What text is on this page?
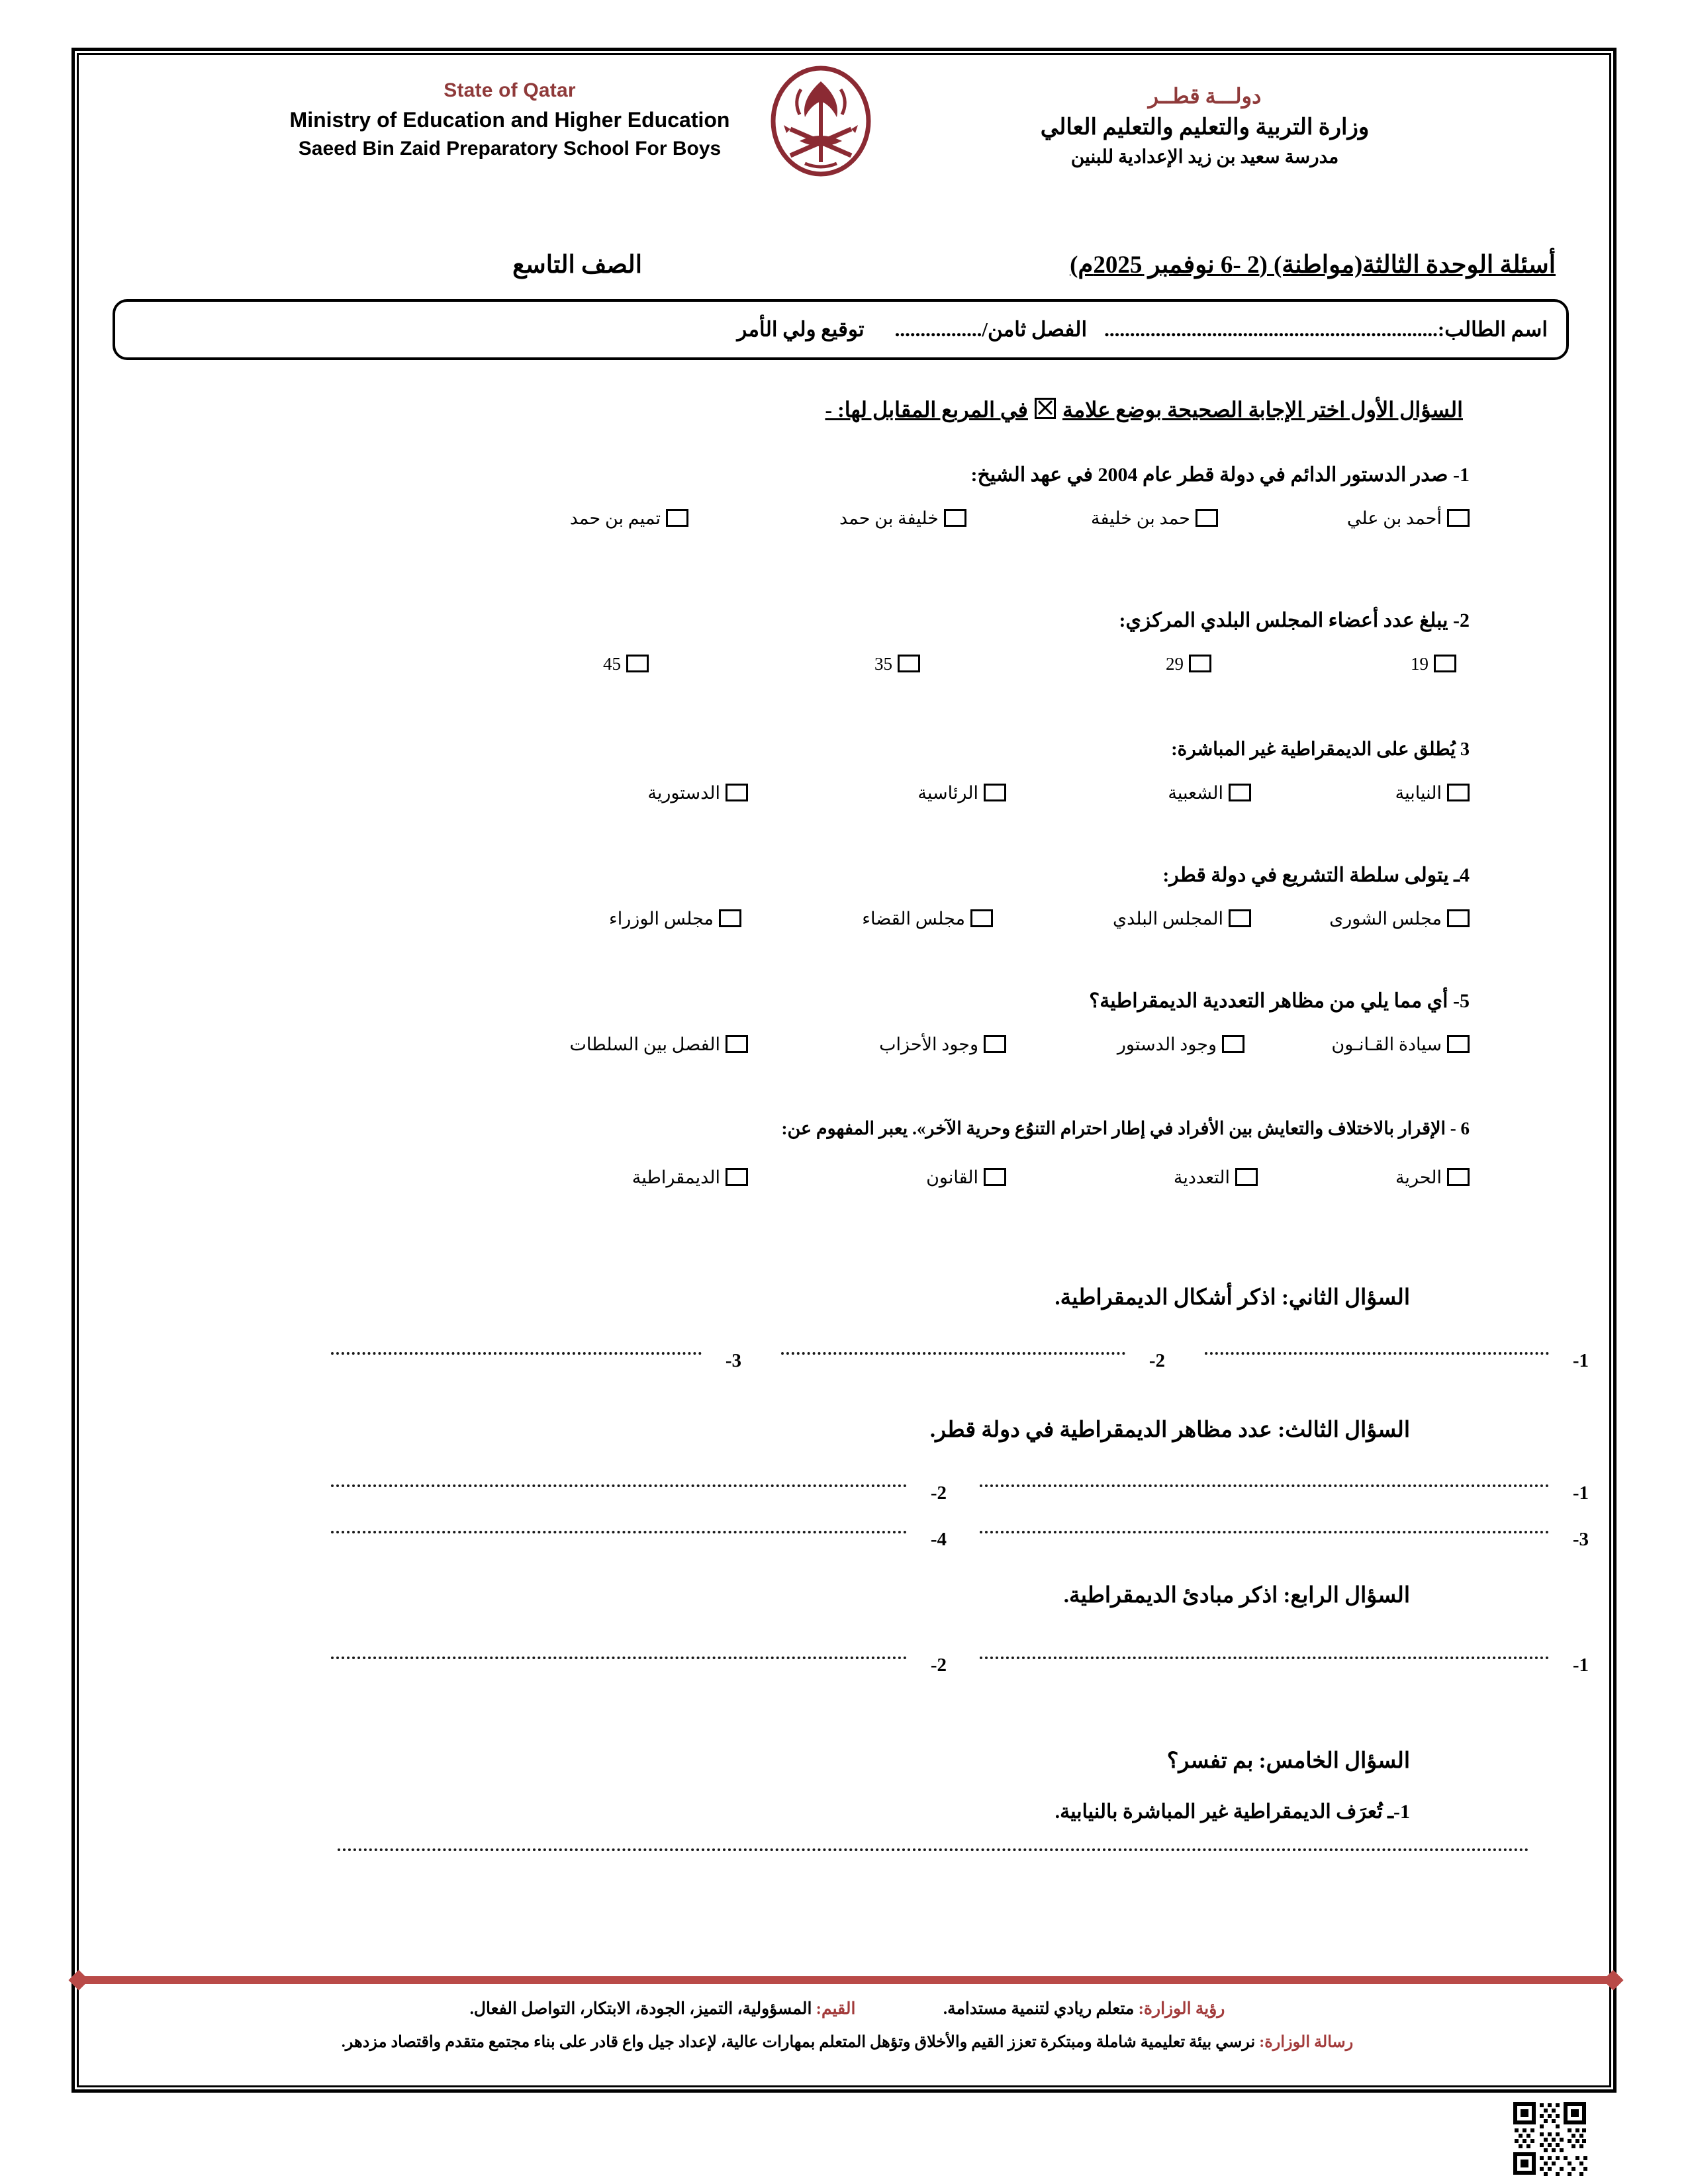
State of Qatar
Ministry of Education and Higher Education
Saeed Bin Zaid Preparatory School For Boys
دولـــة قطــر
وزارة التربية والتعليم والتعليم العالي
مدرسة سعيد بن زيد الإعدادية للبنين
أسئلة الوحدة الثالثة(مواطنة) (2 -6 نوفمبر 2025م)
الصف التاسع
اسم الطالب:.................................................................الفصل ثامن/.................توقيع ولي الأمر
السؤال الأول اختر الإجابة الصحيحة بوضع علامةفي المربع المقابل لها: -
1- صدر الدستور الدائم في دولة قطر عام 2004 في عهد الشيخ:
أحمد بن علي
حمد بن خليفة
خليفة بن حمد
تميم بن حمد
2- يبلغ عدد أعضاء المجلس البلدي المركزي:
19
29
35
45
3 يُطلق على الديمقراطية غير المباشرة:
النيابية
الشعبية
الرئاسية
الدستورية
4ـ يتولى سلطة التشريع في دولة قطر:
مجلس الشورى
المجلس البلدي
مجلس القضاء
مجلس الوزراء
5- أي مما يلي من مظاهر التعددية الديمقراطية؟
سيادة القـانـون
وجود الدستور
وجود الأحزاب
الفصل بين السلطات
6 - الإقرار بالاختلاف والتعايش بين الأفراد في إطار احترام التنوُع وحرية الآخر». يعبر المفهوم عن:
الحرية
التعددية
القانون
الديمقراطية
السؤال الثاني: اذكر أشكال الديمقراطية.
1-
2-
3-
السؤال الثالث: عدد مظاهر الديمقراطية في دولة قطر.
1-
2-
3-
4-
السؤال الرابع: اذكر مبادئ الديمقراطية.
1-
2-
السؤال الخامس: بم تفسر؟
1-ـ تُعرَف الديمقراطية غير المباشرة بالنيابية.
رؤية الوزارة: متعلم ريادي لتنمية مستدامة.  القيم: المسؤولية، التميز، الجودة، الابتكار، التواصل الفعال.
رسالة الوزارة: نرسي بيئة تعليمية شاملة ومبتكرة تعزز القيم والأخلاق وتؤهل المتعلم بمهارات عالية، لإعداد جيل واع قادر على بناء مجتمع متقدم واقتصاد مزدهر.
